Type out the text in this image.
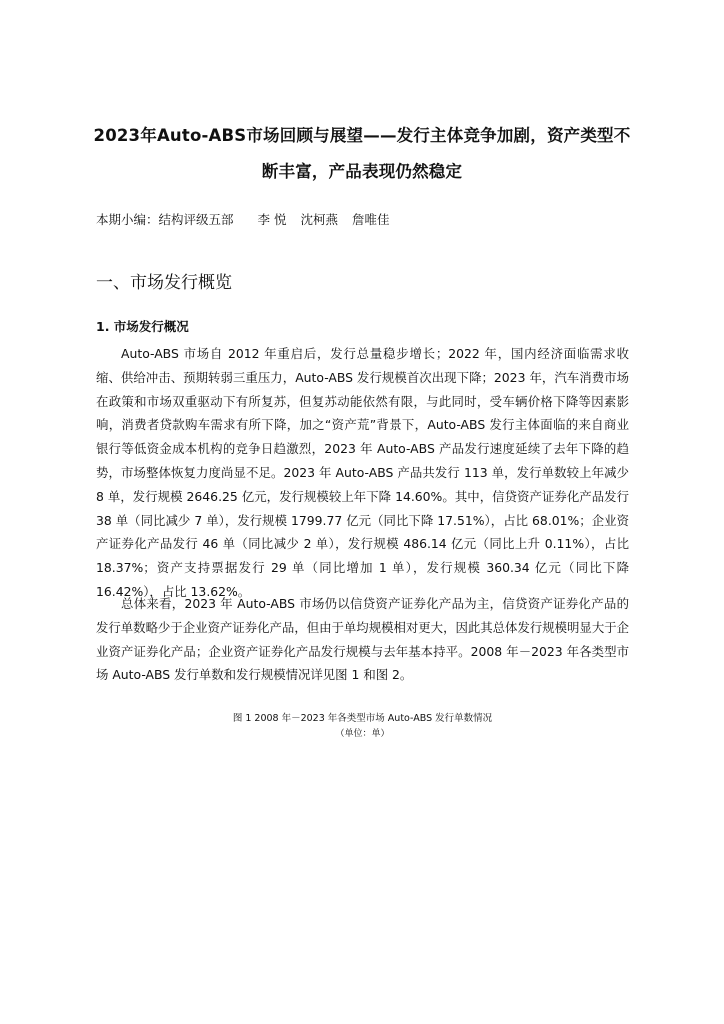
2023年Auto-ABS市场回顾与展望——发行主体竞争加剧，资产类型不
断丰富，产品表现仍然稳定
本期小编：结构评级五部 李 悦 沈柯燕 詹唯佳
一、市场发行概览
1. 市场发行概况

Auto-ABS 市场自 2012 年重启后，发行总量稳步增长；2022 年，国内经济面临需求收缩、供给冲击、预期转弱三重压力，Auto-ABS 发行规模首次出现下降；2023 年，汽车消费市场在政策和市场双重驱动下有所复苏，但复苏动能依然有限，与此同时，受车辆价格下降等因素影响，消费者贷款购车需求有所下降，加之“资产荒”背景下，Auto-ABS 发行主体面临的来自商业银行等低资金成本机构的竞争日趋激烈，2023 年 Auto-ABS 产品发行速度延续了去年下降的趋势，市场整体恢复力度尚显不足。2023 年 Auto-ABS 产品共发行 113 单，发行单数较上年减少 8 单，发行规模 2646.25 亿元，发行规模较上年下降 14.60%。其中，信贷资产证券化产品发行 38 单（同比减少 7 单），发行规模 1799.77 亿元（同比下降 17.51%），占比 68.01%；企业资产证券化产品发行 46 单（同比减少 2 单），发行规模 486.14 亿元（同比上升 0.11%），占比 18.37%；资产支持票据发行 29 单（同比增加 1 单），发行规模 360.34 亿元（同比下降 16.42%），占比 13.62%。

总体来看，2023 年 Auto-ABS 市场仍以信贷资产证券化产品为主，信贷资产证券化产品的发行单数略少于企业资产证券化产品，但由于单均规模相对更大，因此其总体发行规模明显大于企业资产证券化产品；企业资产证券化产品发行规模与去年基本持平。2008 年－2023 年各类型市场 Auto-ABS 发行单数和发行规模情况详见图 1 和图 2。

图 1 2008 年－2023 年各类型市场 Auto-ABS 发行单数情况
（单位：单）
